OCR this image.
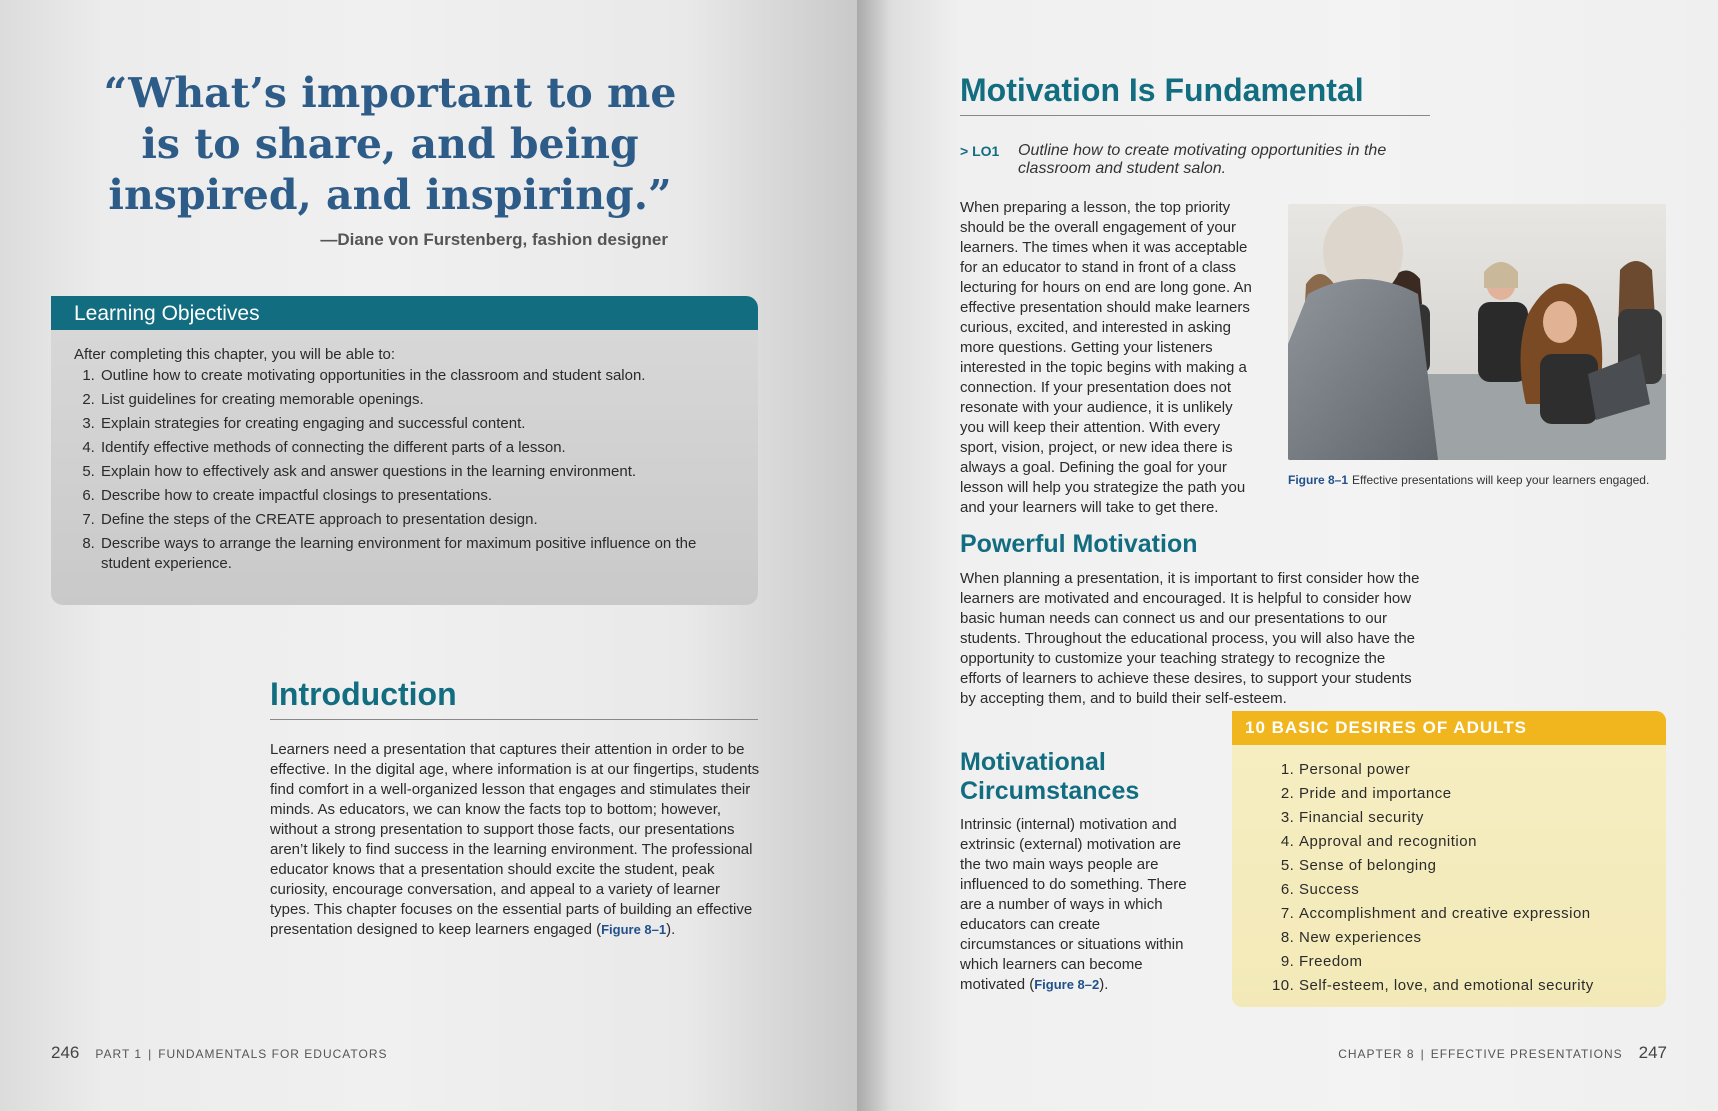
“What’s important to me is to share, and being inspired, and inspiring.”

—Diane von Furstenberg, fashion designer
Learning Objectives
After completing this chapter, you will be able to:
1. Outline how to create motivating opportunities in the classroom and student salon.
2. List guidelines for creating memorable openings.
3. Explain strategies for creating engaging and successful content.
4. Identify effective methods of connecting the different parts of a lesson.
5. Explain how to effectively ask and answer questions in the learning environment.
6. Describe how to create impactful closings to presentations.
7. Define the steps of the CREATE approach to presentation design.
8. Describe ways to arrange the learning environment for maximum positive influence on the student experience.
Introduction

Learners need a presentation that captures their attention in order to be effective. In the digital age, where information is at our fingertips, students find comfort in a well-organized lesson that engages and stimulates their minds. As educators, we can know the facts top to bottom; however, without a strong presentation to support those facts, our presentations aren’t likely to find success in the learning environment. The professional educator knows that a presentation should excite the student, peak curiosity, encourage conversation, and appeal to a variety of learner types. This chapter focuses on the essential parts of building an effective presentation designed to keep learners engaged (Figure 8–1).

246 PART 1 | FUNDAMENTALS FOR EDUCATORS
Motivation Is Fundamental
> LO1	Outline how to create motivating opportunities in the classroom and student salon.

When preparing a lesson, the top priority should be the overall engagement of your learners. The times when it was acceptable for an educator to stand in front of a class lecturing for hours on end are long gone. An effective presentation should make learners curious, excited, and interested in asking more questions. Getting your listeners interested in the topic begins with making a connection. If your presentation does not resonate with your audience, it is unlikely you will keep their attention. With every sport, vision, project, or new idea there is always a goal. Defining the goal for your lesson will help you strategize the path you and your learners will take to get there.

Figure 8–1 Effective presentations will keep your learners engaged.
Powerful Motivation

When planning a presentation, it is important to first consider how the learners are motivated and encouraged. It is helpful to consider how basic human needs can connect us and our presentations to our students. Throughout the educational process, you will also have the opportunity to customize your teaching strategy to recognize the efforts of learners to achieve these desires, to support your students by accepting them, and to build their self-esteem.

Motivational Circumstances

Intrinsic (internal) motivation and extrinsic (external) motivation are the two main ways people are influenced to do something. There are a number of ways in which educators can create circumstances or situations within which learners can become motivated (Figure 8–2).

10 BASIC DESIRES OF ADULTS
1. Personal power
2. Pride and importance
3. Financial security
4. Approval and recognition
5. Sense of belonging
6. Success
7. Accomplishment and creative expression
8. New experiences
9. Freedom
10. Self-esteem, love, and emotional security
CHAPTER 8 | EFFECTIVE PRESENTATIONS 247
